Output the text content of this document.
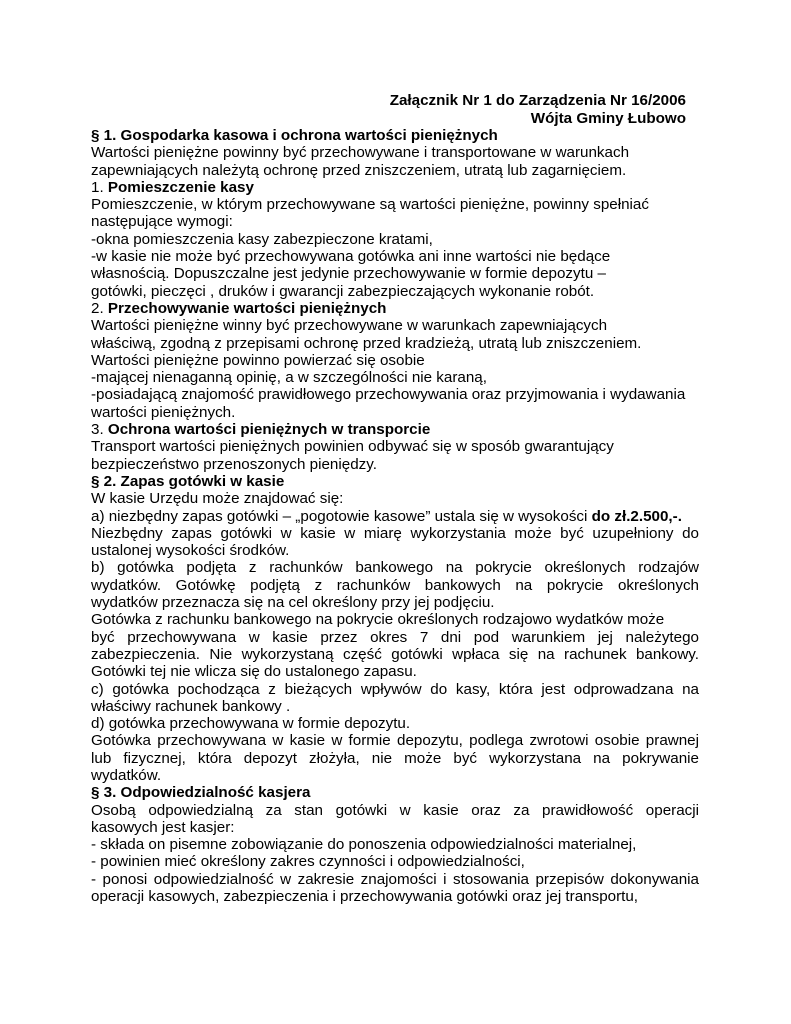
Załącznik Nr 1 do Zarządzenia Nr 16/2006
Wójta Gminy Łubowo
§ 1. Gospodarka kasowa i ochrona wartości pieniężnych
Wartości pieniężne powinny być przechowywane i transportowane w warunkach
zapewniających należytą ochronę przed zniszczeniem, utratą lub zagarnięciem.
1. Pomieszczenie kasy
Pomieszczenie, w którym przechowywane są wartości pieniężne, powinny spełniać
następujące wymogi:
-okna pomieszczenia kasy zabezpieczone kratami,
-w kasie nie może być przechowywana gotówka ani inne wartości nie będące
własnością. Dopuszczalne jest jedynie przechowywanie w formie depozytu –
gotówki, pieczęci , druków i gwarancji zabezpieczających wykonanie robót.
2. Przechowywanie wartości pieniężnych
Wartości pieniężne winny być przechowywane w warunkach zapewniających
właściwą, zgodną z przepisami ochronę przed kradzieżą, utratą lub zniszczeniem.
Wartości pieniężne powinno powierzać się osobie
-mającej nienaganną opinię, a w szczególności nie karaną,
-posiadającą znajomość prawidłowego przechowywania oraz przyjmowania i wydawania
wartości pieniężnych.
3. Ochrona wartości pieniężnych w transporcie
Transport wartości pieniężnych powinien odbywać się w sposób gwarantujący
bezpieczeństwo przenoszonych pieniędzy.
§ 2. Zapas gotówki w kasie
W kasie Urzędu może znajdować się:
a) niezbędny zapas gotówki – „pogotowie kasowe” ustala się w wysokości do zł.2.500,-.
Niezbędny zapas gotówki w kasie w miarę wykorzystania może być uzupełniony do
ustalonej wysokości środków.
b) gotówka podjęta z rachunków bankowego na pokrycie określonych rodzajów
wydatków. Gotówkę podjętą z rachunków bankowych na pokrycie określonych
wydatków przeznacza się na cel określony przy jej podjęciu.
Gotówka z rachunku bankowego na pokrycie określonych rodzajowo wydatków może
być przechowywana w kasie przez okres 7 dni pod warunkiem jej należytego
zabezpieczenia. Nie wykorzystaną część gotówki wpłaca się na rachunek bankowy.
Gotówki tej nie wlicza się do ustalonego zapasu.
c) gotówka pochodząca z bieżących wpływów do kasy, która jest odprowadzana na
właściwy rachunek bankowy .
d) gotówka przechowywana w formie depozytu.
Gotówka przechowywana w kasie w formie depozytu, podlega zwrotowi osobie prawnej
lub fizycznej, która depozyt złożyła, nie może być wykorzystana na pokrywanie
wydatków.
§ 3. Odpowiedzialność kasjera
Osobą odpowiedzialną za stan gotówki w kasie oraz za prawidłowość operacji
kasowych jest kasjer:
- składa on pisemne zobowiązanie do ponoszenia odpowiedzialności materialnej,
- powinien mieć określony zakres czynności i odpowiedzialności,
- ponosi odpowiedzialność w zakresie znajomości i stosowania przepisów dokonywania
operacji kasowych, zabezpieczenia i przechowywania gotówki oraz jej transportu,
